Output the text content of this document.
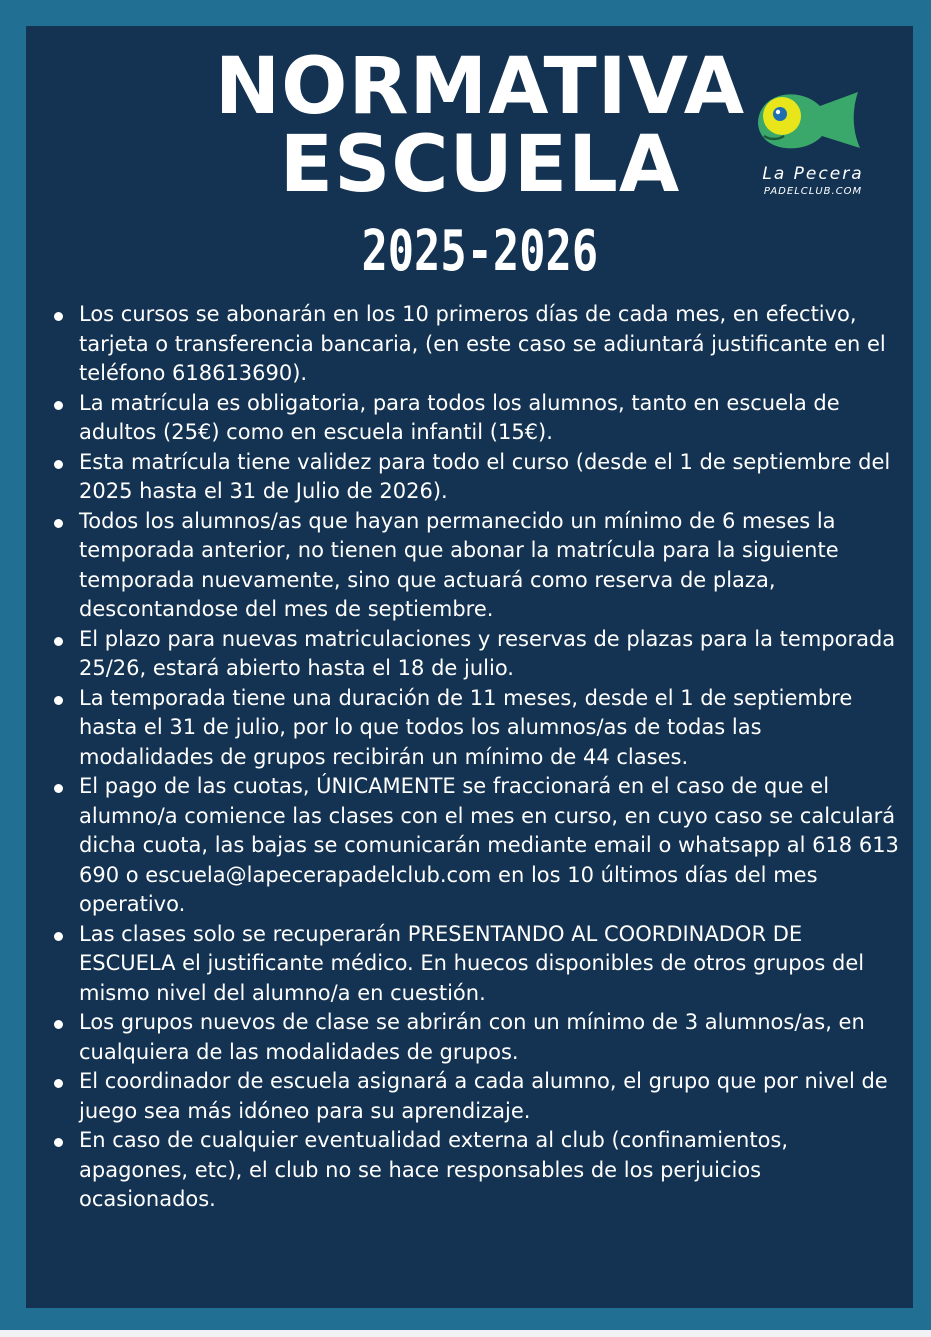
NORMATIVA
ESCUELA
2025-2026
La Pecera
PADELCLUB.COM
Los cursos se abonarán en los 10 primeros días de cada mes, en efectivo, tarjeta o transferencia bancaria, (en este caso se adiuntará justificante en el teléfono 618613690).
La matrícula es obligatoria, para todos los alumnos, tanto en escuela de adultos (25€) como en escuela infantil (15€).
Esta matrícula tiene validez para todo el curso (desde el 1 de septiembre del 2025 hasta el 31 de Julio de 2026).
Todos los alumnos/as que hayan permanecido un mínimo de 6 meses la temporada anterior, no tienen que abonar la matrícula para la siguiente temporada nuevamente, sino que actuará como reserva de plaza, descontandose del mes de septiembre.
El plazo para nuevas matriculaciones y reservas de plazas para la temporada 25/26, estará abierto hasta el 18 de julio.
La temporada tiene una duración de 11 meses, desde el 1 de septiembre hasta el 31 de julio, por lo que todos los alumnos/as de todas las modalidades de grupos recibirán un mínimo de 44 clases.
El pago de las cuotas, ÚNICAMENTE se fraccionará en el caso de que el alumno/a comience las clases con el mes en curso, en cuyo caso se calculará dicha cuota, las bajas se comunicarán mediante email o whatsapp al 618 613 690 o escuela@lapecerapadelclub.com en los 10 últimos días del mes operativo.
Las clases solo se recuperarán PRESENTANDO AL COORDINADOR DE ESCUELA el justificante médico. En huecos disponibles de otros grupos del mismo nivel del alumno/a en cuestión.
Los grupos nuevos de clase se abrirán con un mínimo de 3 alumnos/as, en cualquiera de las modalidades de grupos.
El coordinador de escuela asignará a cada alumno, el grupo que por nivel de juego sea más idóneo para su aprendizaje.
En caso de cualquier eventualidad externa al club (confinamientos, apagones, etc), el club no se hace responsables de los perjuicios ocasionados.
